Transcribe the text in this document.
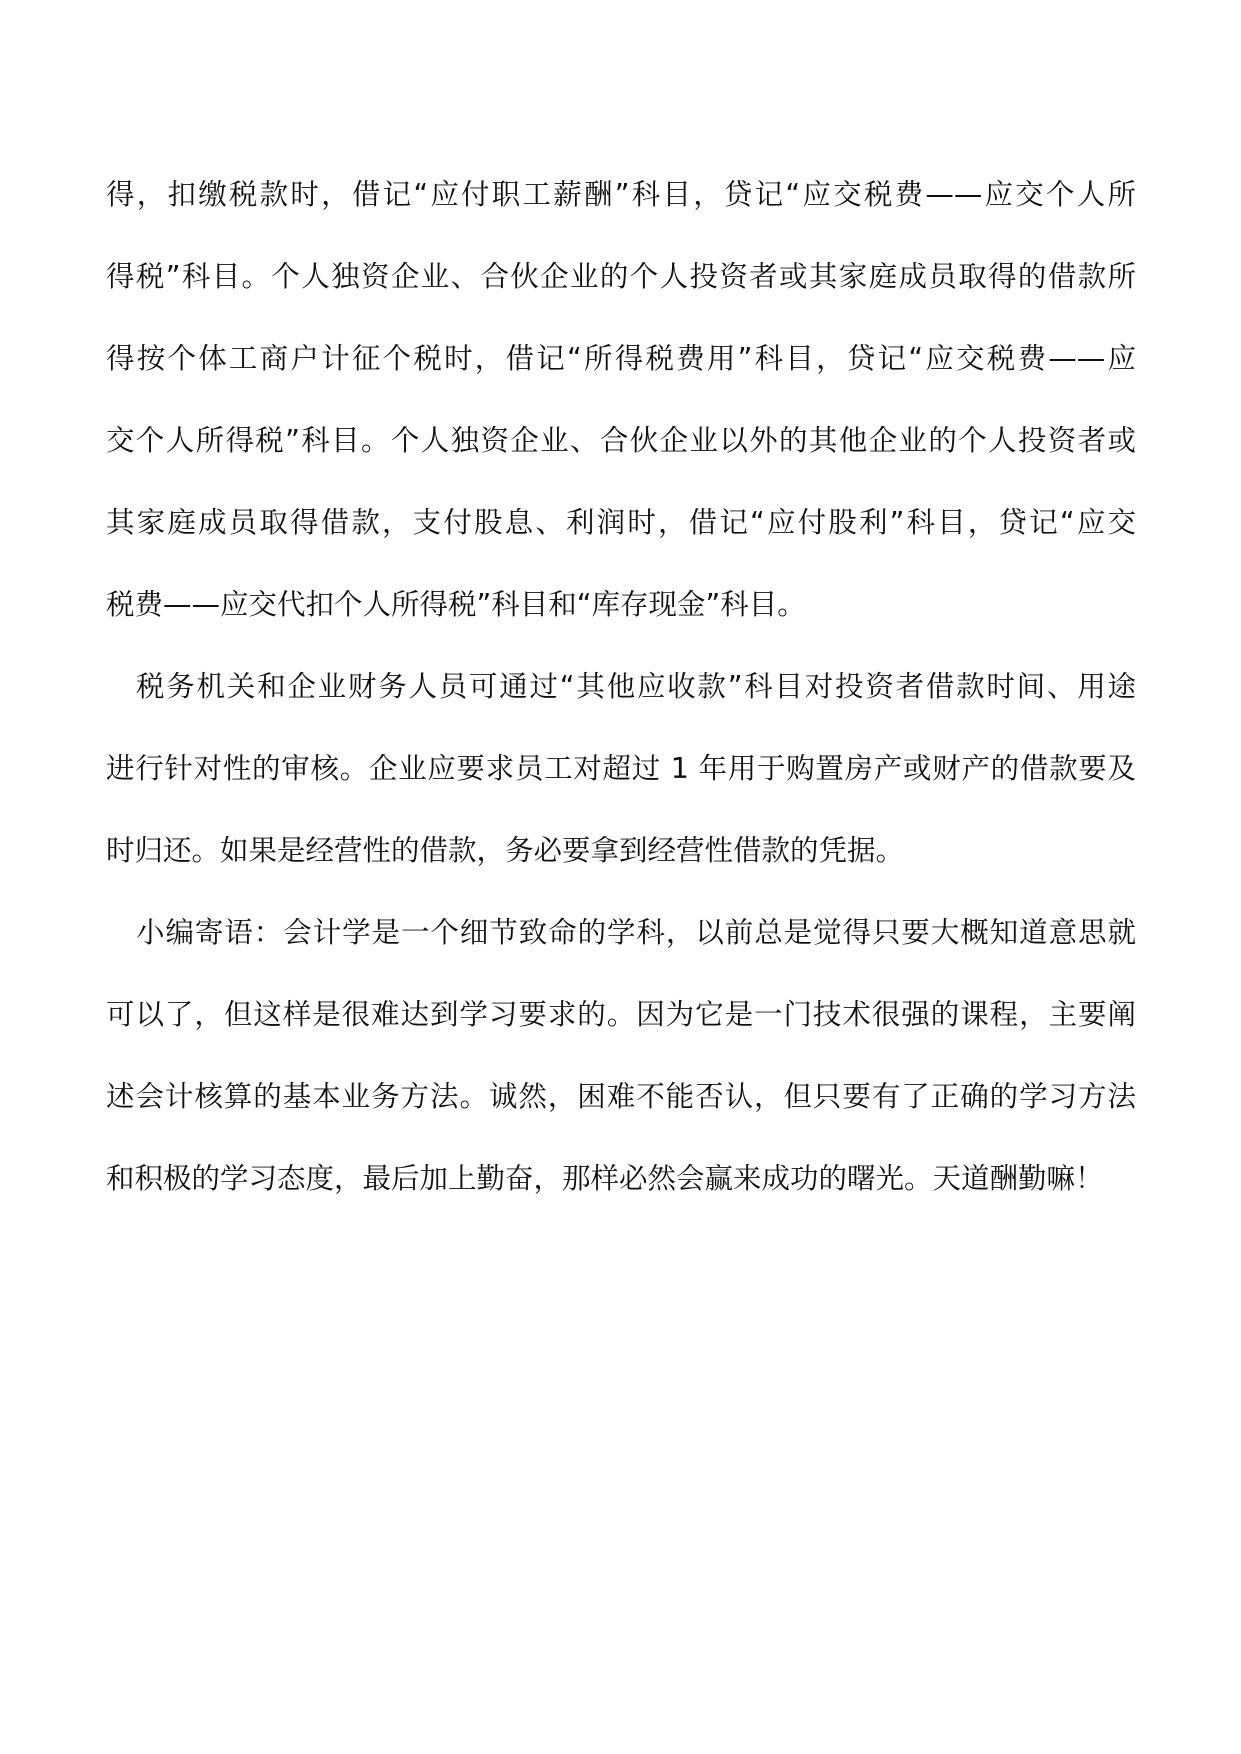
得，扣缴税款时，借记“应付职工薪酬”科目，贷记“应交税费——应交个人所
得税”科目。个人独资企业、合伙企业的个人投资者或其家庭成员取得的借款所
得按个体工商户计征个税时，借记“所得税费用”科目，贷记“应交税费——应
交个人所得税”科目。个人独资企业、合伙企业以外的其他企业的个人投资者或
其家庭成员取得借款，支付股息、利润时，借记“应付股利”科目，贷记“应交
税费——应交代扣个人所得税”科目和“库存现金”科目。
税务机关和企业财务人员可通过“其他应收款”科目对投资者借款时间、用途
进行针对性的审核。企业应要求员工对超过 1 年用于购置房产或财产的借款要及
时归还。如果是经营性的借款，务必要拿到经营性借款的凭据。
小编寄语：会计学是一个细节致命的学科，以前总是觉得只要大概知道意思就
可以了，但这样是很难达到学习要求的。因为它是一门技术很强的课程，主要阐
述会计核算的基本业务方法。诚然，困难不能否认，但只要有了正确的学习方法
和积极的学习态度，最后加上勤奋，那样必然会赢来成功的曙光。天道酬勤嘛！
